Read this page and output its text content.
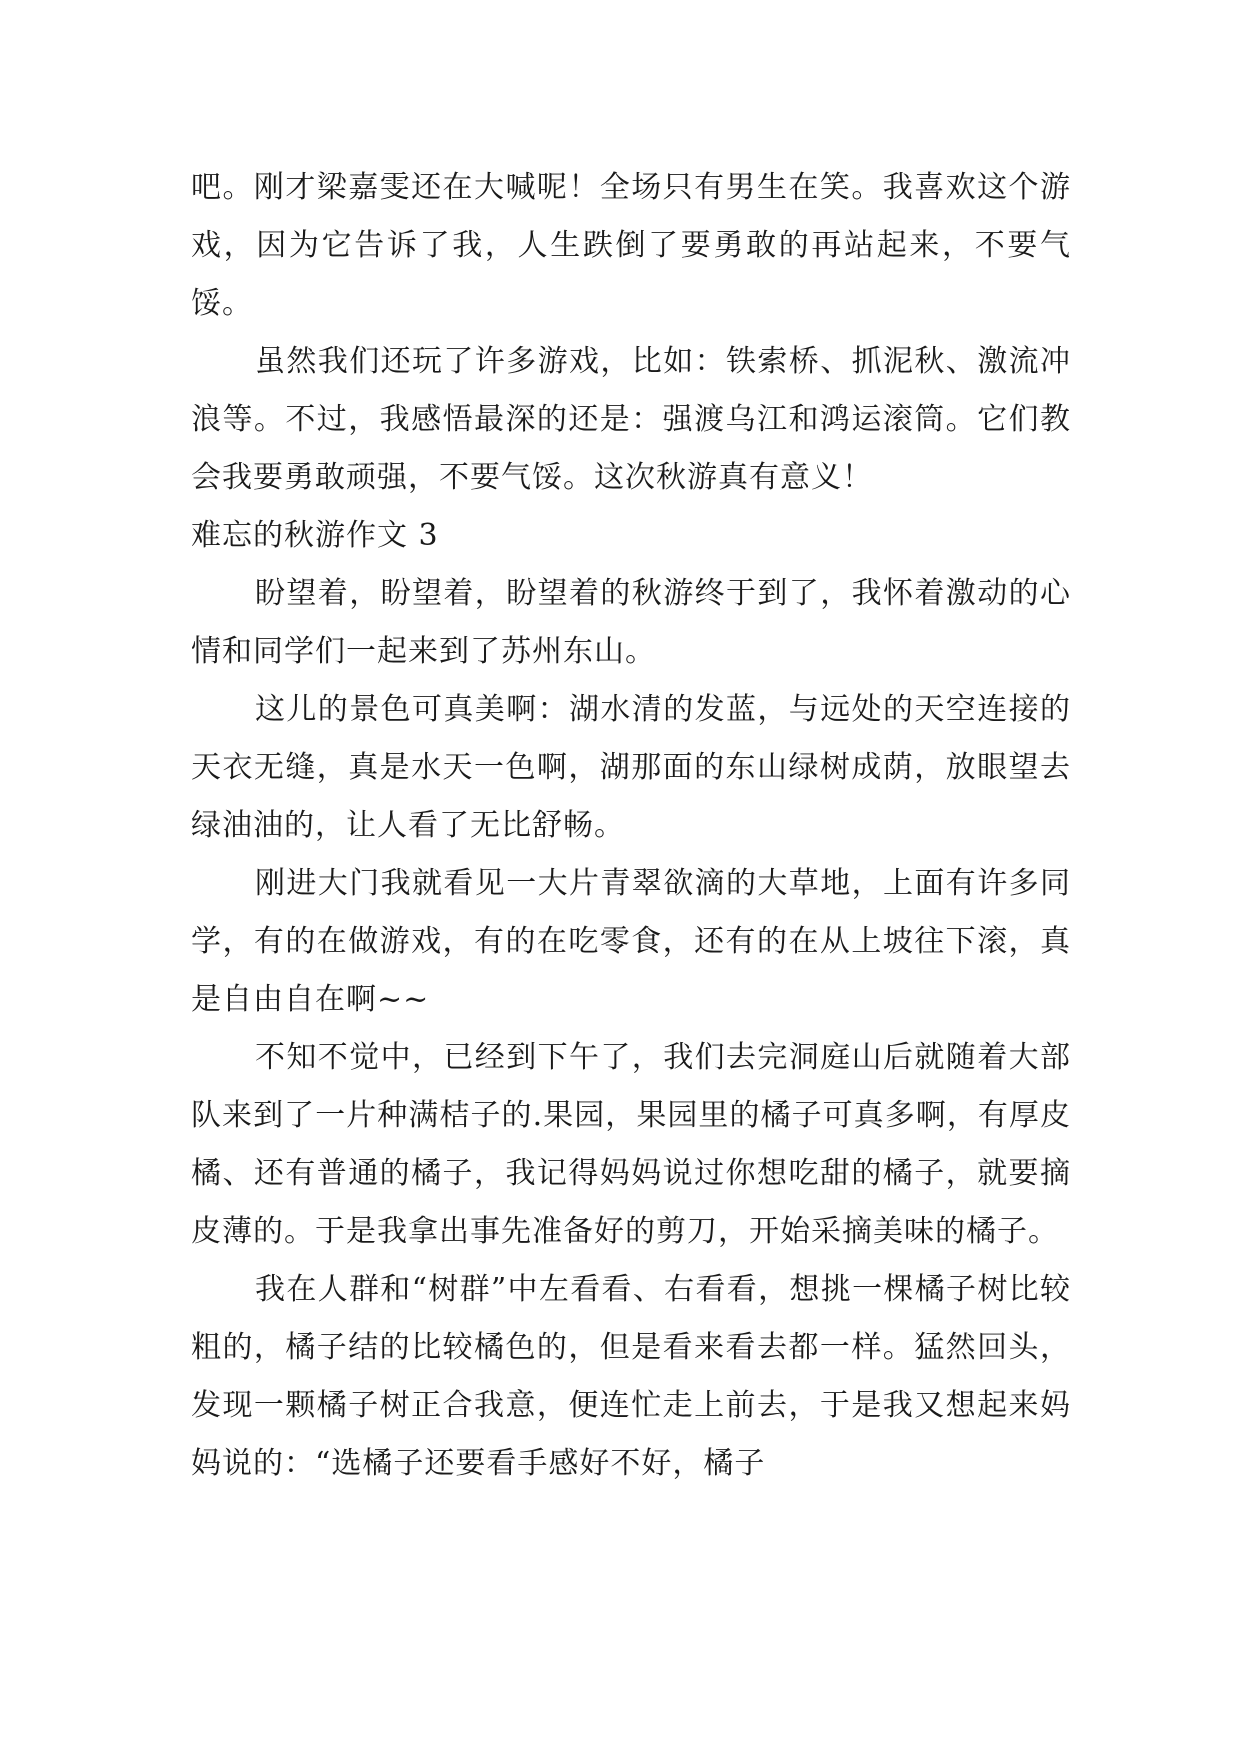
吧。刚才梁嘉雯还在大喊呢！全场只有男生在笑。我喜欢这个游戏，因为它告诉了我，人生跌倒了要勇敢的再站起来，不要气馁。

虽然我们还玩了许多游戏，比如：铁索桥、抓泥秋、激流冲浪等。不过，我感悟最深的还是：强渡乌江和鸿运滚筒。它们教会我要勇敢顽强，不要气馁。这次秋游真有意义！

难忘的秋游作文 3

盼望着，盼望着，盼望着的秋游终于到了，我怀着激动的心情和同学们一起来到了苏州东山。

这儿的景色可真美啊：湖水清的发蓝，与远处的天空连接的天衣无缝，真是水天一色啊，湖那面的东山绿树成荫，放眼望去绿油油的，让人看了无比舒畅。

刚进大门我就看见一大片青翠欲滴的大草地，上面有许多同学，有的在做游戏，有的在吃零食，还有的在从上坡往下滚，真是自由自在啊~~

不知不觉中，已经到下午了，我们去完洞庭山后就随着大部队来到了一片种满桔子的.果园，果园里的橘子可真多啊，有厚皮橘、还有普通的橘子，我记得妈妈说过你想吃甜的橘子，就要摘皮薄的。于是我拿出事先准备好的剪刀，开始采摘美味的橘子。

我在人群和“树群”中左看看、右看看，想挑一棵橘子树比较粗的，橘子结的比较橘色的，但是看来看去都一样。猛然回头，发现一颗橘子树正合我意，便连忙走上前去，于是我又想起来妈妈说的：“选橘子还要看手感好不好，橘子
